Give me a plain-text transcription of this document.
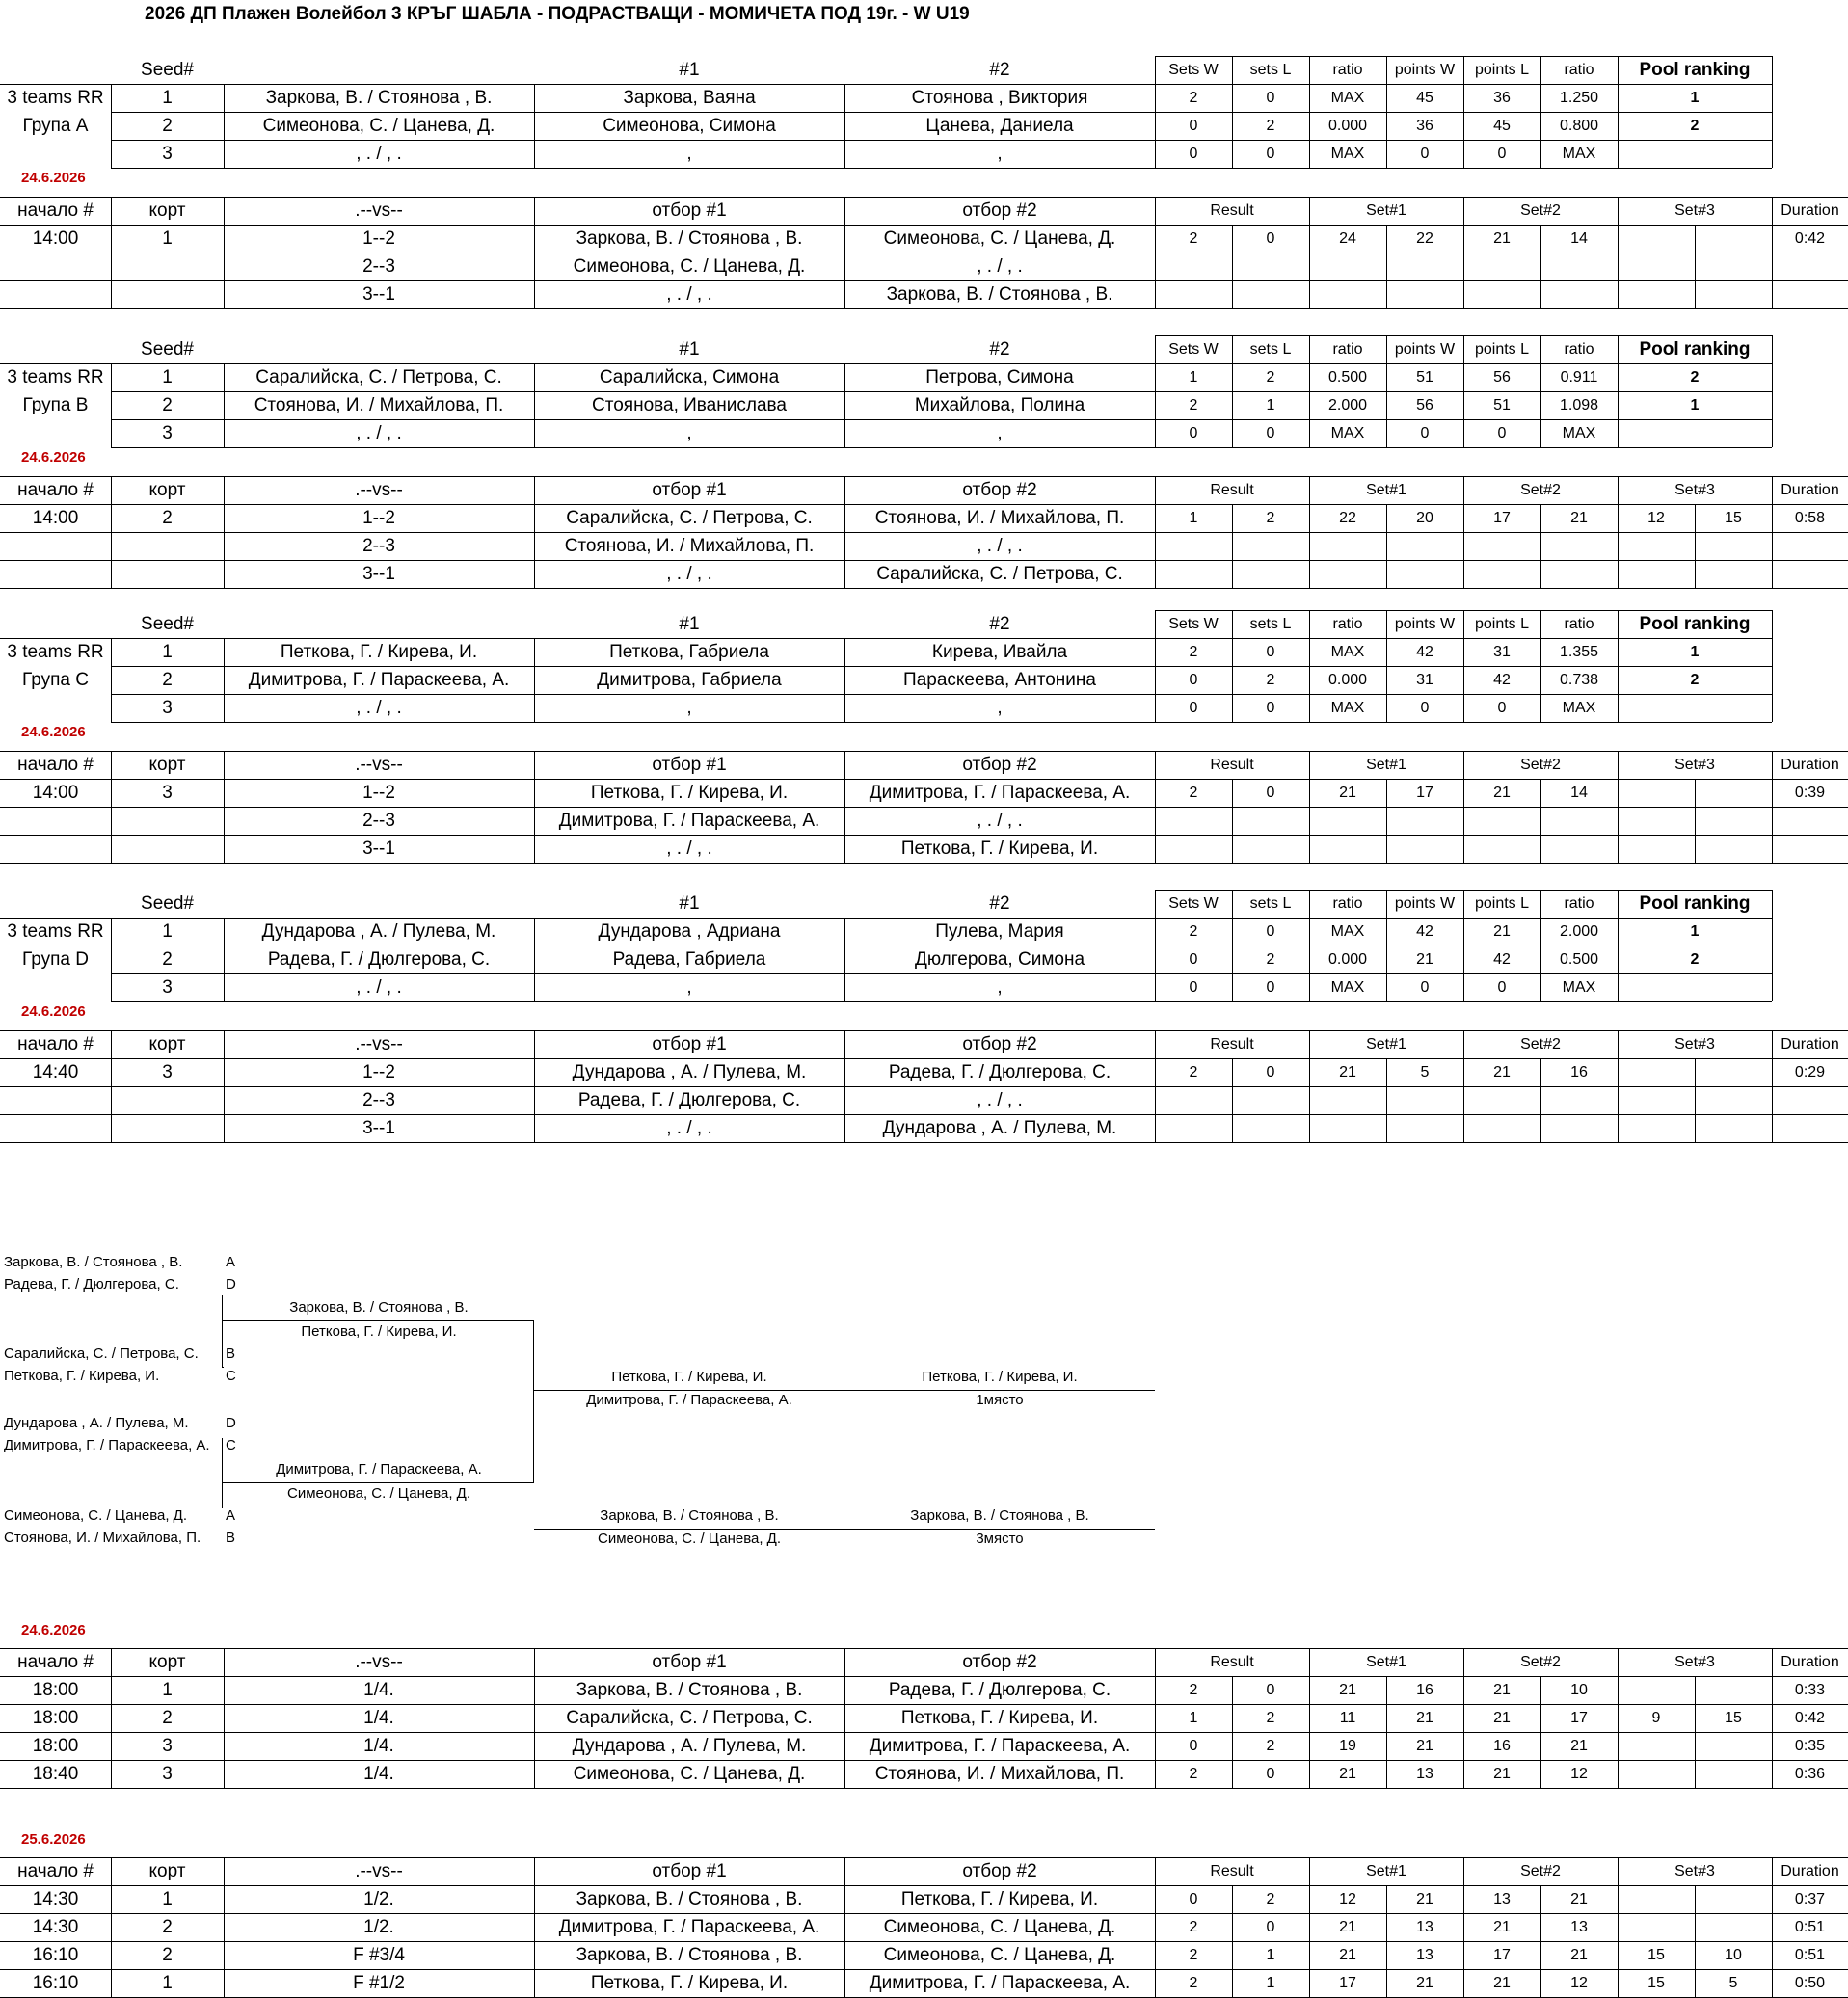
2026 ДП Плажен Волейбол 3 КРЪГ ШАБЛА - ПОДРАСТВАЩИ - МОМИЧЕТА ПОД 19г. - W U19
Seed#	#1	#2	Sets W	sets L	ratio	points W	points L	ratio	Pool ranking
1	Заркова, В. / Стоянова , В.	Заркова, Ваяна	Стоянова , Виктория	2	0	MAX	45	36	1.250	1
2	Симеонова, С. / Цанева, Д.	Симеонова, Симона	Цанева, Даниела	0	2	0.000	36	45	0.800	2
3	, . / , .	,	,	0	0	MAX	0	0	MAX
3 teams RR
Група А
24.6.2026
начало #	корт	.--vs--	отбор #1	отбор #2	Result	Set#1	Set#2	Set#3	Duration
14:00	1	1--2	Заркова, В. / Стоянова , В.	Симеонова, С. / Цанева, Д.	2	0	24	22	21	14	0:42
2--3	Симеонова, С. / Цанева, Д.	, . / , .
3--1	, . / , .	Заркова, В. / Стоянова , В.
Seed#	#1	#2	Sets W	sets L	ratio	points W	points L	ratio	Pool ranking
1	Саралийска, С. / Петрова, С.	Саралийска, Симона	Петрова, Симона	1	2	0.500	51	56	0.911	2
2	Стоянова, И. / Михайлова, П.	Стоянова, Иванислава	Михайлова, Полина	2	1	2.000	56	51	1.098	1
3	, . / , .	,	,	0	0	MAX	0	0	MAX
3 teams RR
Група B
24.6.2026
начало #	корт	.--vs--	отбор #1	отбор #2	Result	Set#1	Set#2	Set#3	Duration
14:00	2	1--2	Саралийска, С. / Петрова, С.	Стоянова, И. / Михайлова, П.	1	2	22	20	17	21	12	15	0:58
2--3	Стоянова, И. / Михайлова, П.	, . / , .
3--1	, . / , .	Саралийска, С. / Петрова, С.
Seed#	#1	#2	Sets W	sets L	ratio	points W	points L	ratio	Pool ranking
1	Петкова, Г. / Кирева, И.	Петкова, Габриела	Кирева, Ивайла	2	0	MAX	42	31	1.355	1
2	Димитрова, Г. / Параскеева, А.	Димитрова, Габриела	Параскеева, Антонина	0	2	0.000	31	42	0.738	2
3	, . / , .	,	,	0	0	MAX	0	0	MAX
3 teams RR
Група C
24.6.2026
начало #	корт	.--vs--	отбор #1	отбор #2	Result	Set#1	Set#2	Set#3	Duration
14:00	3	1--2	Петкова, Г. / Кирева, И.	Димитрова, Г. / Параскеева, А.	2	0	21	17	21	14	0:39
2--3	Димитрова, Г. / Параскеева, А.	, . / , .
3--1	, . / , .	Петкова, Г. / Кирева, И.
Seed#	#1	#2	Sets W	sets L	ratio	points W	points L	ratio	Pool ranking
1	Дундарова , А. / Пулева, М.	Дундарова , Адриана	Пулева, Мария	2	0	MAX	42	21	2.000	1
2	Радева, Г. / Дюлгерова, С.	Радева, Габриела	Дюлгерова, Симона	0	2	0.000	21	42	0.500	2
3	, . / , .	,	,	0	0	MAX	0	0	MAX
3 teams RR
Група D
24.6.2026
начало #	корт	.--vs--	отбор #1	отбор #2	Result	Set#1	Set#2	Set#3	Duration
14:40	3	1--2	Дундарова , А. / Пулева, М.	Радева, Г. / Дюлгерова, С.	2	0	21	5	21	16	0:29
2--3	Радева, Г. / Дюлгерова, С.	, . / , .
3--1	, . / , .	Дундарова , А. / Пулева, М.
Заркова, В. / Стоянова , В.	A
Радева, Г. / Дюлгерова, С.	D
Саралийска, С. / Петрова, С. B
Петкова, Г. / Кирева, И.	C
Дундарова , А. / Пулева, М.	D
Димитрова, Г. / Параскеева, А. C
Симеонова, С. / Цанева, Д.	A
Стоянова, И. / Михайлова, П. B
Заркова, В. / Стоянова , В.
Петкова, Г. / Кирева, И.
Димитрова, Г. / Параскеева, А.
Симеонова, С. / Цанева, Д.
Петкова, Г. / Кирева, И.
Димитрова, Г. / Параскеева, А.
Петкова, Г. / Кирева, И.
1място
Заркова, В. / Стоянова , В.
Симеонова, С. / Цанева, Д.
Заркова, В. / Стоянова , В.
3място
24.6.2026
начало #	корт	.--vs--	отбор #1	отбор #2	Result	Set#1	Set#2	Set#3	Duration
18:00	1	1/4.	Заркова, В. / Стоянова , В.	Радева, Г. / Дюлгерова, С.	2	0	21	16	21	10	0:33
18:00	2	1/4.	Саралийска, С. / Петрова, С.	Петкова, Г. / Кирева, И.	1	2	11	21	21	17	9	15	0:42
18:00	3	1/4.	Дундарова , А. / Пулева, М.	Димитрова, Г. / Параскеева, А.	0	2	19	21	16	21	0:35
18:40	3	1/4.	Симеонова, С. / Цанева, Д.	Стоянова, И. / Михайлова, П.	2	0	21	13	21	12	0:36
25.6.2026
начало #	корт	.--vs--	отбор #1	отбор #2	Result	Set#1	Set#2	Set#3	Duration
14:30	1	1/2.	Заркова, В. / Стоянова , В.	Петкова, Г. / Кирева, И.	0	2	12	21	13	21	0:37
14:30	2	1/2.	Димитрова, Г. / Параскеева, А.	Симеонова, С. / Цанева, Д.	2	0	21	13	21	13	0:51
16:10	2	F #3/4	Заркова, В. / Стоянова , В.	Симеонова, С. / Цанева, Д.	2	1	21	13	17	21	15	10	0:51
16:10	1	F #1/2	Петкова, Г. / Кирева, И.	Димитрова, Г. / Параскеева, А.	2	1	17	21	21	12	15	5	0:50
